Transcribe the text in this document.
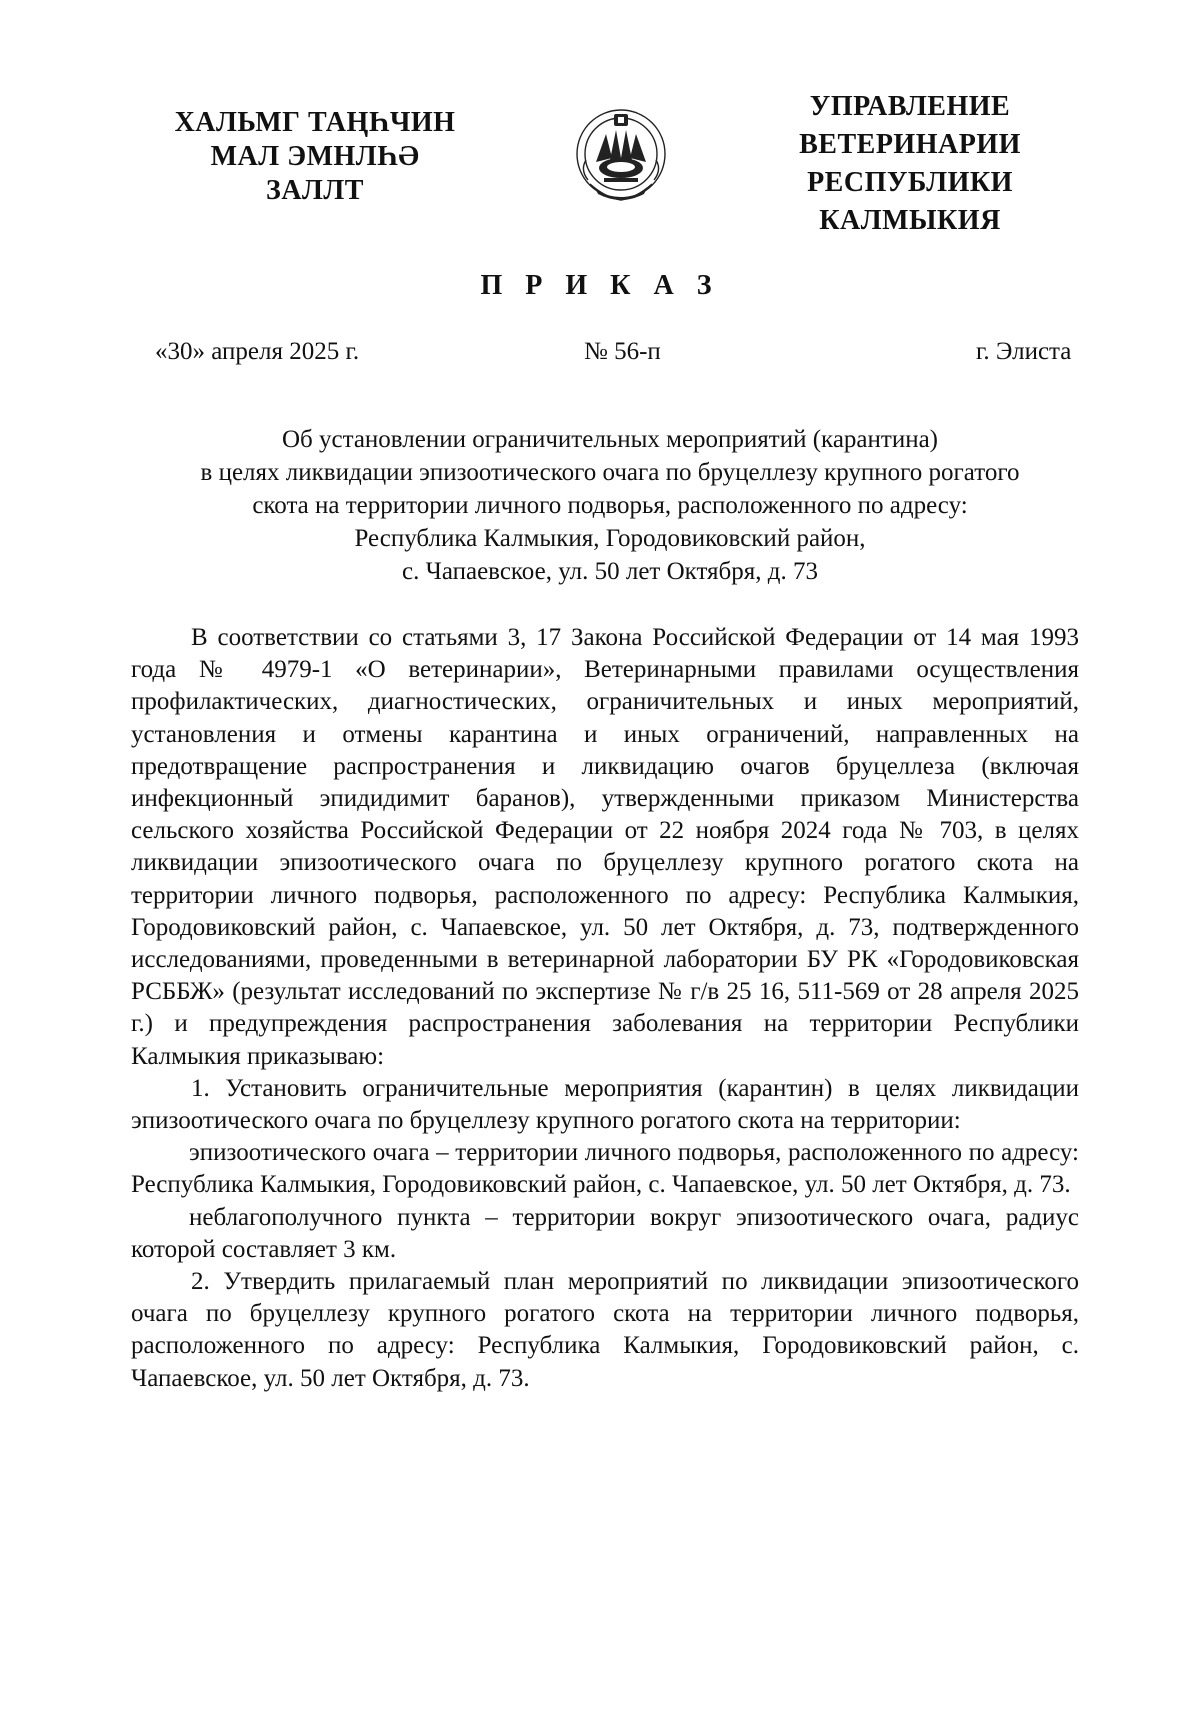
ХАЛЬМГ ТАҢҺЧИН
МАЛ ЭМНЛҺӘ
ЗАЛЛТ
УПРАВЛЕНИЕ
ВЕТЕРИНАРИИ
РЕСПУБЛИКИ
КАЛМЫКИЯ
П Р И К А З
«30» апреля 2025 г.	№ 56-п	г. Элиста
Об установлении ограничительных мероприятий (карантина)
в целях ликвидации эпизоотического очага по бруцеллезу крупного рогатого
скота на территории личного подворья, расположенного по адресу:
Республика Калмыкия, Городовиковский район,
с. Чапаевское, ул. 50 лет Октября, д. 73

В соответствии со статьями 3, 17 Закона Российской Федерации от 14 мая 1993 года № 4979-1 «О ветеринарии», Ветеринарными правилами осуществления профилактических, диагностических, ограничительных и иных мероприятий, установления и отмены карантина и иных ограничений, направленных на предотвращение распространения и ликвидацию очагов бруцеллеза (включая инфекционный эпидидимит баранов), утвержденными приказом Министерства сельского хозяйства Российской Федерации от 22 ноября 2024 года № 703, в целях ликвидации эпизоотического очага по бруцеллезу крупного рогатого скота на территории личного подворья, расположенного по адресу: Республика Калмыкия, Городовиковский район, с. Чапаевское, ул. 50 лет Октября, д. 73, подтвержденного исследованиями, проведенными в ветеринарной лаборатории БУ РК «Городовиковская РСББЖ» (результат исследований по экспертизе № г/в 25 16, 511-569 от 28 апреля 2025 г.) и предупреждения распространения заболевания на территории Республики Калмыкия приказываю:

1. Установить ограничительные мероприятия (карантин) в целях ликвидации эпизоотического очага по бруцеллезу крупного рогатого скота на территории:

эпизоотического очага – территории личного подворья, расположенного по адресу: Республика Калмыкия, Городовиковский район, с. Чапаевское, ул. 50 лет Октября, д. 73.

неблагополучного пункта – территории вокруг эпизоотического очага, радиус которой составляет 3 км.

2. Утвердить прилагаемый план мероприятий по ликвидации эпизоотического очага по бруцеллезу крупного рогатого скота на территории личного подворья, расположенного по адресу: Республика Калмыкия, Городовиковский район, с. Чапаевское, ул. 50 лет Октября, д. 73.
